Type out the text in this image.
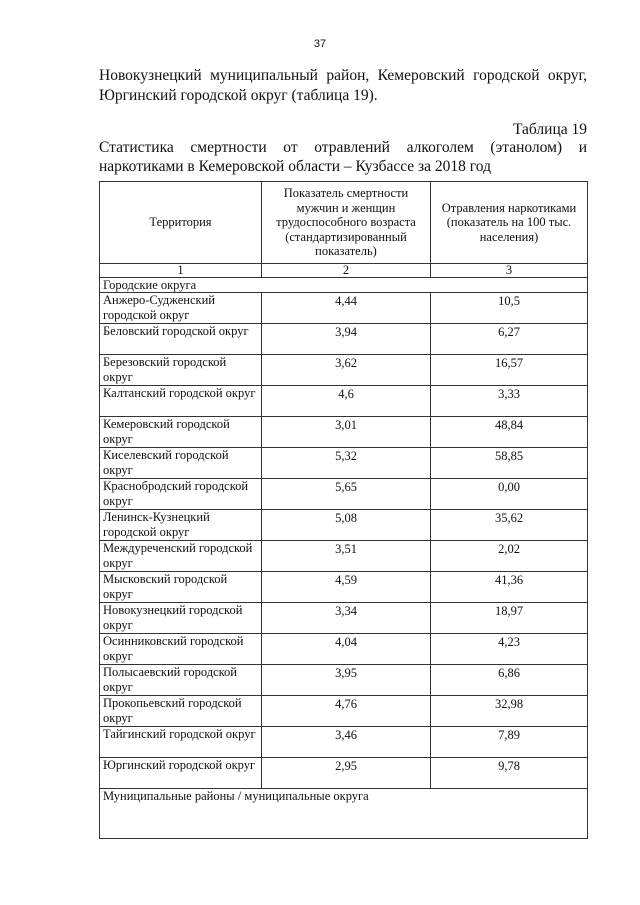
37

Новокузнецкий муниципальный район, Кемеровский городской округ, Юргинский городской округ (таблица 19).

Таблица 19

Статистика смертности от отравлений алкоголем (этанолом) и наркотиками в Кемеровской области – Кузбассе за 2018 год

Территория	Показатель смертности мужчин и женщин трудоспособного возраста (стандартизированный показатель)	Отравления наркотиками (показатель на 100 тыс. населения)
1	2	3
Городские округа		
Анжеро-Судженский городской округ	4,44	10,5
Беловский городской округ	3,94	6,27
Березовский городской округ	3,62	16,57
Калтанский городской округ	4,6	3,33
Кемеровский городской округ	3,01	48,84
Киселевский городской округ	5,32	58,85
Краснобродский городской округ	5,65	0,00
Ленинск-Кузнецкий городской округ	5,08	35,62
Междуреченский городской округ	3,51	2,02
Мысковский городской округ	4,59	41,36
Новокузнецкий городской округ	3,34	18,97
Осинниковский городской округ	4,04	4,23
Полысаевский городской округ	3,95	6,86
Прокопьевский городской округ	4,76	32,98
Тайгинский городской округ	3,46	7,89
Юргинский городской округ	2,95	9,78
Муниципальные районы / муниципальные округа		
